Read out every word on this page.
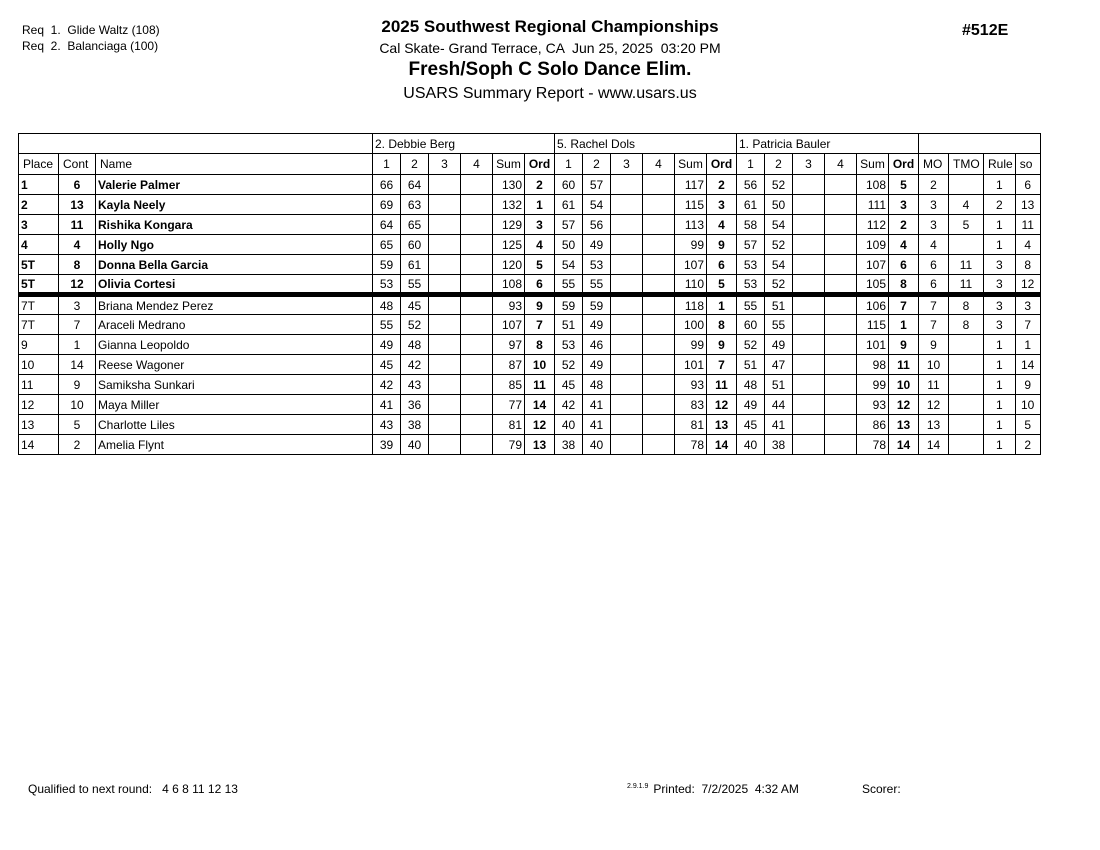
Req  1.  Glide Waltz (108)
Req  2.  Balanciaga (100)
2025 Southwest Regional Championships
Cal Skate- Grand Terrace, CA  Jun 25, 2025  03:20 PM
Fresh/Soph C Solo Dance Elim.
USARS Summary Report - www.usars.us
#512E
			2. Debbie Berg						5. Rachel Dols						1. Patricia Bauler									
Place	Cont	Name	1	2	3	4	Sum	Ord	1	2	3	4	Sum	Ord	1	2	3	4	Sum	Ord	MO	TMO	Rule	so
1	6	Valerie Palmer	66	64			130	2	60	57			117	2	56	52			108	5	2		1	6
2	13	Kayla Neely	69	63			132	1	61	54			115	3	61	50			111	3	3	4	2	13
3	11	Rishika Kongara	64	65			129	3	57	56			113	4	58	54			112	2	3	5	1	11
4	4	Holly Ngo	65	60			125	4	50	49			99	9	57	52			109	4	4		1	4
5T	8	Donna Bella Garcia	59	61			120	5	54	53			107	6	53	54			107	6	6	11	3	8
5T	12	Olivia Cortesi	53	55			108	6	55	55			110	5	53	52			105	8	6	11	3	12
7T	3	Briana Mendez Perez	48	45			93	9	59	59			118	1	55	51			106	7	7	8	3	3
7T	7	Araceli Medrano	55	52			107	7	51	49			100	8	60	55			115	1	7	8	3	7
9	1	Gianna Leopoldo	49	48			97	8	53	46			99	9	52	49			101	9	9		1	1
10	14	Reese Wagoner	45	42			87	10	52	49			101	7	51	47			98	11	10		1	14
11	9	Samiksha Sunkari	42	43			85	11	45	48			93	11	48	51			99	10	11		1	9
12	10	Maya Miller	41	36			77	14	42	41			83	12	49	44			93	12	12		1	10
13	5	Charlotte Liles	43	38			81	12	40	41			81	13	45	41			86	13	13		1	5
14	2	Amelia Flynt	39	40			79	13	38	40			78	14	40	38			78	14	14		1	2
Qualified to next round: 4 6 8 11 12 13	$^{2.9.1.9}$ Printed:  7/2/2025  4:32 AM	Scorer:
